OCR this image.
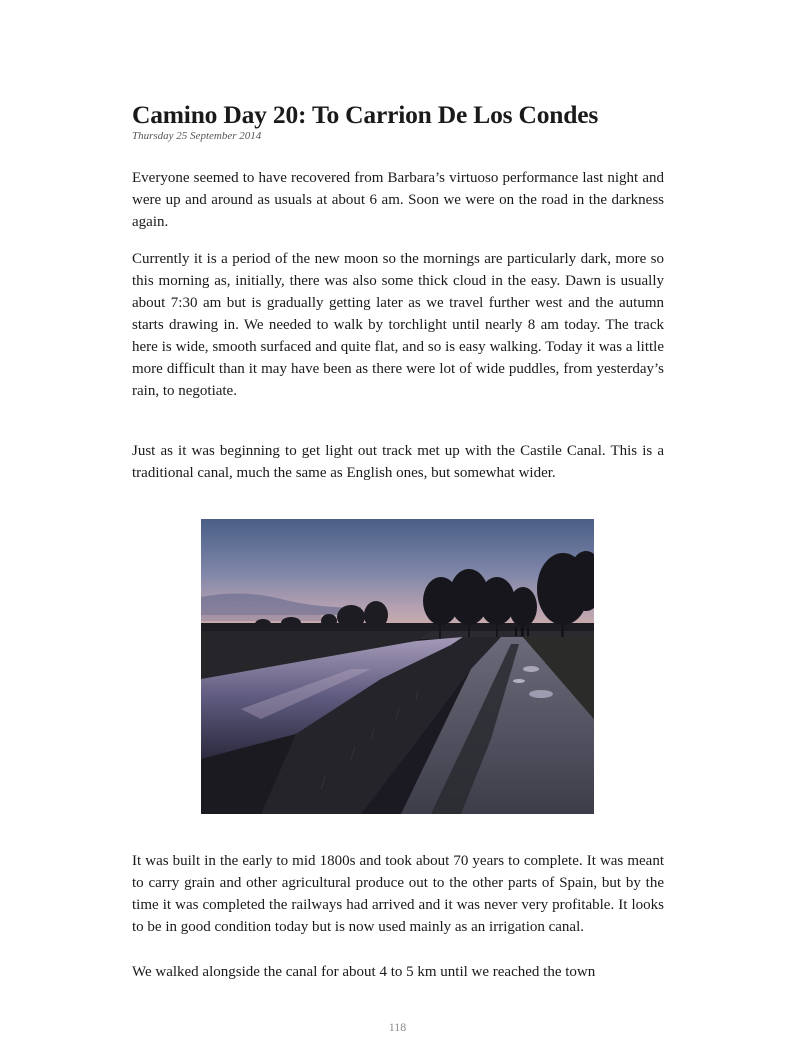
Camino Day 20: To Carrion De Los Condes
Thursday 25 September 2014

Everyone seemed to have recovered from Barbara’s virtuoso performance last night and were up and around as usuals at about 6 am. Soon we were on the road in the darkness again.

Currently it is a period of the new moon so the mornings are particularly dark, more so this morning as, initially, there was also some thick cloud in the easy. Dawn is usually about 7:30 am but is gradually getting later as we travel further west and the autumn starts drawing in. We needed to walk by torchlight until nearly 8 am today. The track here is wide, smooth surfaced and quite flat, and so is easy walking. Today it was a little more difficult than it may have been as there were lot of wide puddles, from yesterday’s rain, to negotiate.

Just as it was beginning to get light out track met up with the Castile Canal. This is a traditional canal, much the same as English ones, but somewhat wider.

It was built in the early to mid 1800s and took about 70 years to complete. It was meant to carry grain and other agricultural produce out to the other parts of Spain, but by the time it was completed the railways had arrived and it was never very profitable. It looks to be in good condition today but is now used mainly as an irrigation canal.

We walked alongside the canal for about 4 to 5 km until we reached the town

118
